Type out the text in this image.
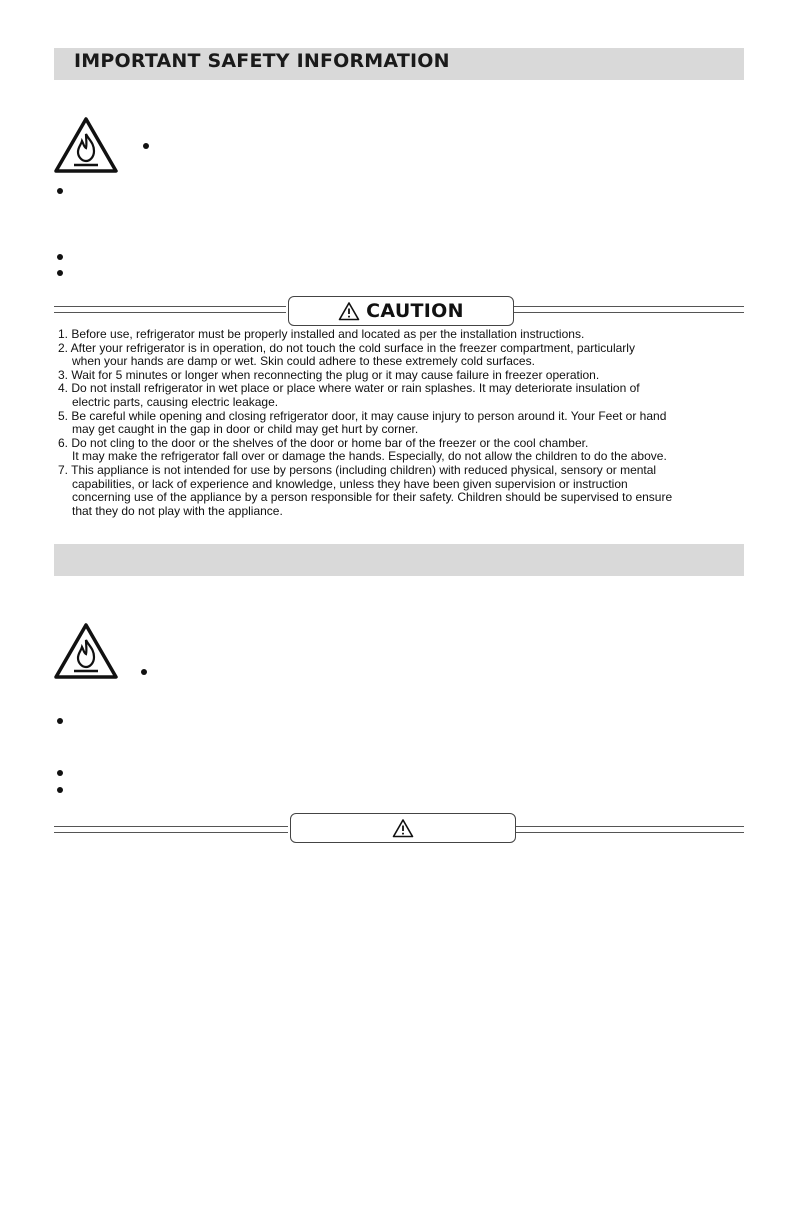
IMPORTANT SAFETY INFORMATION
CAUTION
1. Before use, refrigerator must be properly installed and located as per the installation instructions.
2. After your refrigerator is in operation, do not touch the cold surface in the freezer compartment, particularly
when your hands are damp or wet. Skin could adhere to these extremely cold surfaces.
3. Wait for 5 minutes or longer when reconnecting the plug or it may cause failure in freezer operation.
4. Do not install refrigerator in wet place or place where water or rain splashes. It may deteriorate insulation of
electric parts, causing electric leakage.
5. Be careful while opening and closing refrigerator door, it may cause injury to person around it. Your Feet or hand
may get caught in the gap in door or child may get hurt by corner.
6. Do not cling to the door or the shelves of the door or home bar of the freezer or the cool chamber.
It may make the refrigerator fall over or damage the hands. Especially, do not allow the children to do the above.
7. This appliance is not intended for use by persons (including children) with reduced physical, sensory or mental
capabilities, or lack of experience and knowledge, unless they have been given supervision or instruction
concerning use of the appliance by a person responsible for their safety. Children should be supervised to ensure
that they do not play with the appliance.
